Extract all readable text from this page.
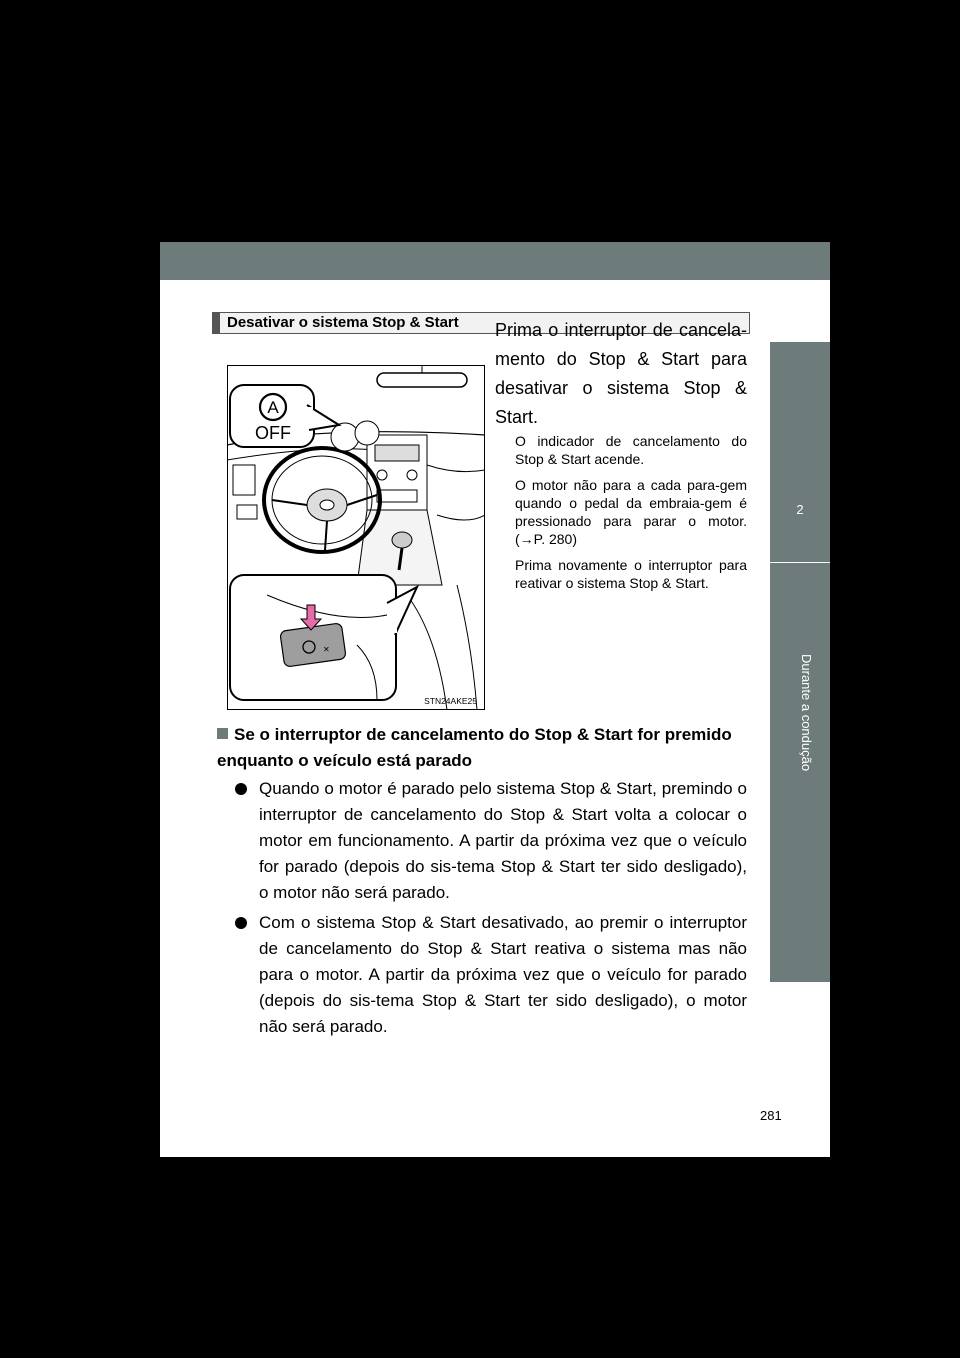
2
Durante a condução
Desativar o sistema Stop & Start
A
OFF
✕
STN24AKE25

Prima o interruptor de cancela-mento do Stop & Start para desativar o sistema Stop & Start.

O indicador de cancelamento do Stop & Start acende.

O motor não para a cada para-gem quando o pedal da embraia-gem é pressionado para parar o motor. (→P. 280)

Prima novamente o interruptor para reativar o sistema Stop & Start.

Se o interruptor de cancelamento do Stop & Start for premido enquanto o veículo está parado
Quando o motor é parado pelo sistema Stop & Start, premindo o interruptor de cancelamento do Stop & Start volta a colocar o motor em funcionamento. A partir da próxima vez que o veículo for parado (depois do sis-tema Stop & Start ter sido desligado), o motor não será parado.
Com o sistema Stop & Start desativado, ao premir o interruptor de cancelamento do Stop & Start reativa o sistema mas não para o motor. A partir da próxima vez que o veículo for parado (depois do sis-tema Stop & Start ter sido desligado), o motor não será parado.
281
